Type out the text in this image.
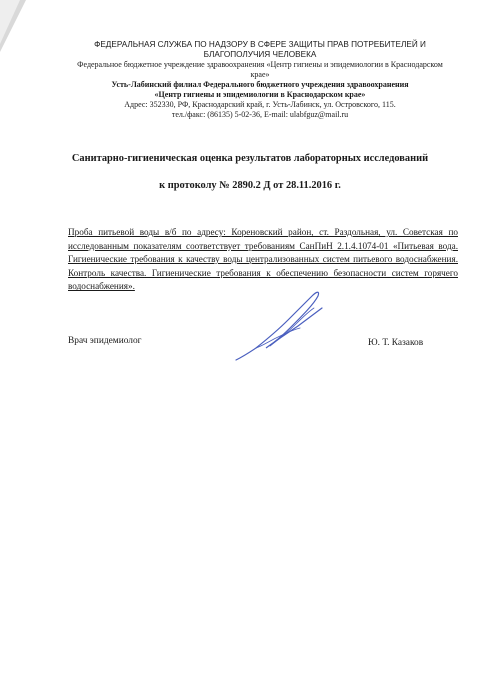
ФЕДЕРАЛЬНАЯ СЛУЖБА ПО НАДЗОРУ В СФЕРЕ ЗАЩИТЫ ПРАВ ПОТРЕБИТЕЛЕЙ И

БЛАГОПОЛУЧИЯ ЧЕЛОВЕКА

Федеральное бюджетное учреждение здравоохранения «Центр гигиены и эпидемиологии в Краснодарском

крае»

Усть-Лабинский филиал Федерального бюджетного учреждения здравоохранения

«Центр гигиены и эпидемиологии в Краснодарском крае»

Адрес: 352330, РФ, Краснодарский край, г. Усть-Лабинск, ул. Островского, 115.

тел./факс: (86135) 5-02-36, E-mail: ulabfguz@mail.ru

Санитарно-гигиеническая оценка результатов лабораторных исследований

к протоколу № 2890.2 Д от 28.11.2016 г.

Проба питьевой воды в/б по адресу: Кореновский район, ст. Раздольная, ул. Советская по исследованным показателям соответствует требованиям СанПиН 2.1.4.1074-01 «Питьевая вода. Гигиенические требования к качеству воды централизованных систем питьевого водоснабжения. Контроль качества. Гигиенические требования к обеспечению безопасности систем горячего водоснабжения».

Врач эпидемиолог	Ю. Т. Казаков
